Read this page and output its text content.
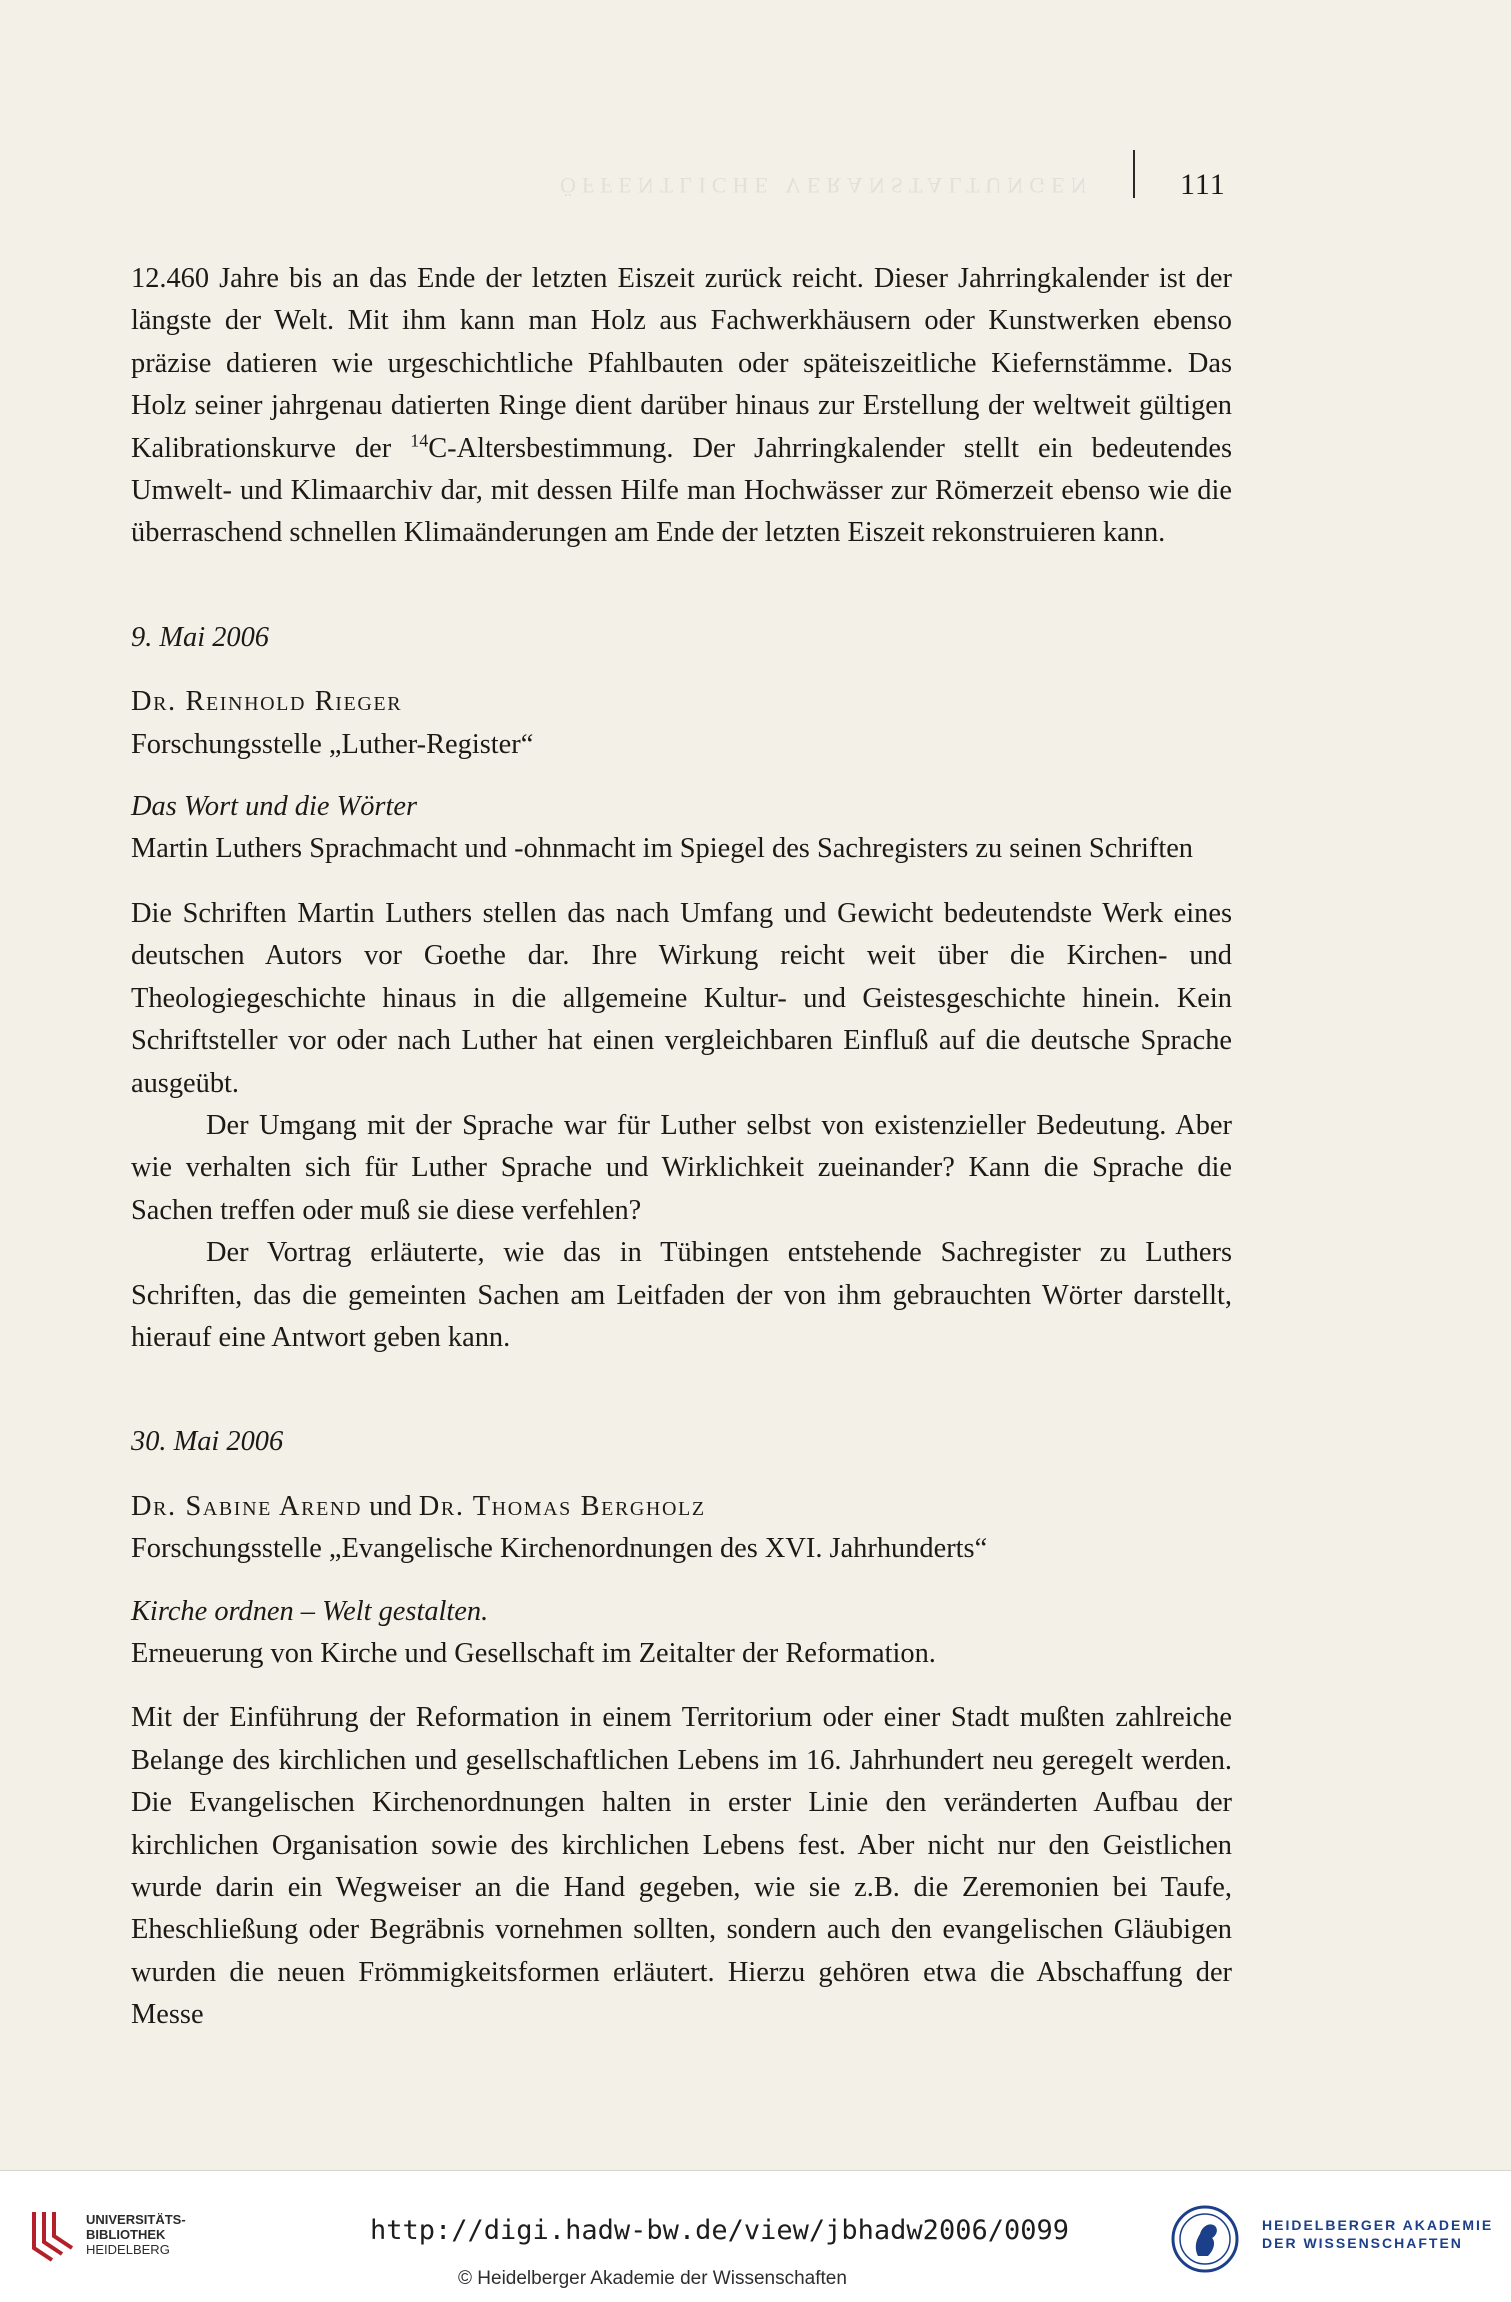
ÖFFENTLICHE VERANSTALTUNGEN	111

12.460 Jahre bis an das Ende der letzten Eiszeit zurück reicht. Dieser Jahrringkalender ist der längste der Welt. Mit ihm kann man Holz aus Fachwerkhäusern oder Kunstwerken ebenso präzise datieren wie urgeschichtliche Pfahlbauten oder späteiszeitliche Kiefernstämme. Das Holz seiner jahrgenau datierten Ringe dient darüber hinaus zur Erstellung der weltweit gültigen Kalibrationskurve der $^{14}$C-Altersbestimmung. Der Jahrringkalender stellt ein bedeutendes Umwelt- und Klimaarchiv dar, mit dessen Hilfe man Hochwässer zur Römerzeit ebenso wie die überraschend schnellen Klimaänderungen am Ende der letzten Eiszeit rekonstruieren kann.

9. Mai 2006

Dr. Reinhold Rieger

Forschungsstelle „Luther-Register“

Das Wort und die Wörter

Martin Luthers Sprachmacht und -ohnmacht im Spiegel des Sachregisters zu seinen Schriften

Die Schriften Martin Luthers stellen das nach Umfang und Gewicht bedeutendste Werk eines deutschen Autors vor Goethe dar. Ihre Wirkung reicht weit über die Kirchen- und Theologiegeschichte hinaus in die allgemeine Kultur- und Geistesgeschichte hinein. Kein Schriftsteller vor oder nach Luther hat einen vergleichbaren Einfluß auf die deutsche Sprache ausgeübt.

Der Umgang mit der Sprache war für Luther selbst von existenzieller Bedeutung. Aber wie verhalten sich für Luther Sprache und Wirklichkeit zueinander? Kann die Sprache die Sachen treffen oder muß sie diese verfehlen?

Der Vortrag erläuterte, wie das in Tübingen entstehende Sachregister zu Luthers Schriften, das die gemeinten Sachen am Leitfaden der von ihm gebrauchten Wörter darstellt, hierauf eine Antwort geben kann.

30. Mai 2006

Dr. Sabine Arend und Dr. Thomas Bergholz

Forschungsstelle „Evangelische Kirchenordnungen des XVI. Jahrhunderts“

Kirche ordnen – Welt gestalten.

Erneuerung von Kirche und Gesellschaft im Zeitalter der Reformation.

Mit der Einführung der Reformation in einem Territorium oder einer Stadt mußten zahlreiche Belange des kirchlichen und gesellschaftlichen Lebens im 16. Jahrhundert neu geregelt werden. Die Evangelischen Kirchenordnungen halten in erster Linie den veränderten Aufbau der kirchlichen Organisation sowie des kirchlichen Lebens fest. Aber nicht nur den Geistlichen wurde darin ein Wegweiser an die Hand gegeben, wie sie z.B. die Zeremonien bei Taufe, Eheschließung oder Begräbnis vornehmen sollten, sondern auch den evangelischen Gläubigen wurden die neuen Frömmigkeitsformen erläutert. Hierzu gehören etwa die Abschaffung der Messe

UNIVERSITÄTS-
BIBLIOTHEK
HEIDELBERG
http://digi.hadw-bw.de/view/jbhadw2006/0099
© Heidelberger Akademie der Wissenschaften
HEIDELBERGER AKADEMIE
DER WISSENSCHAFTEN
